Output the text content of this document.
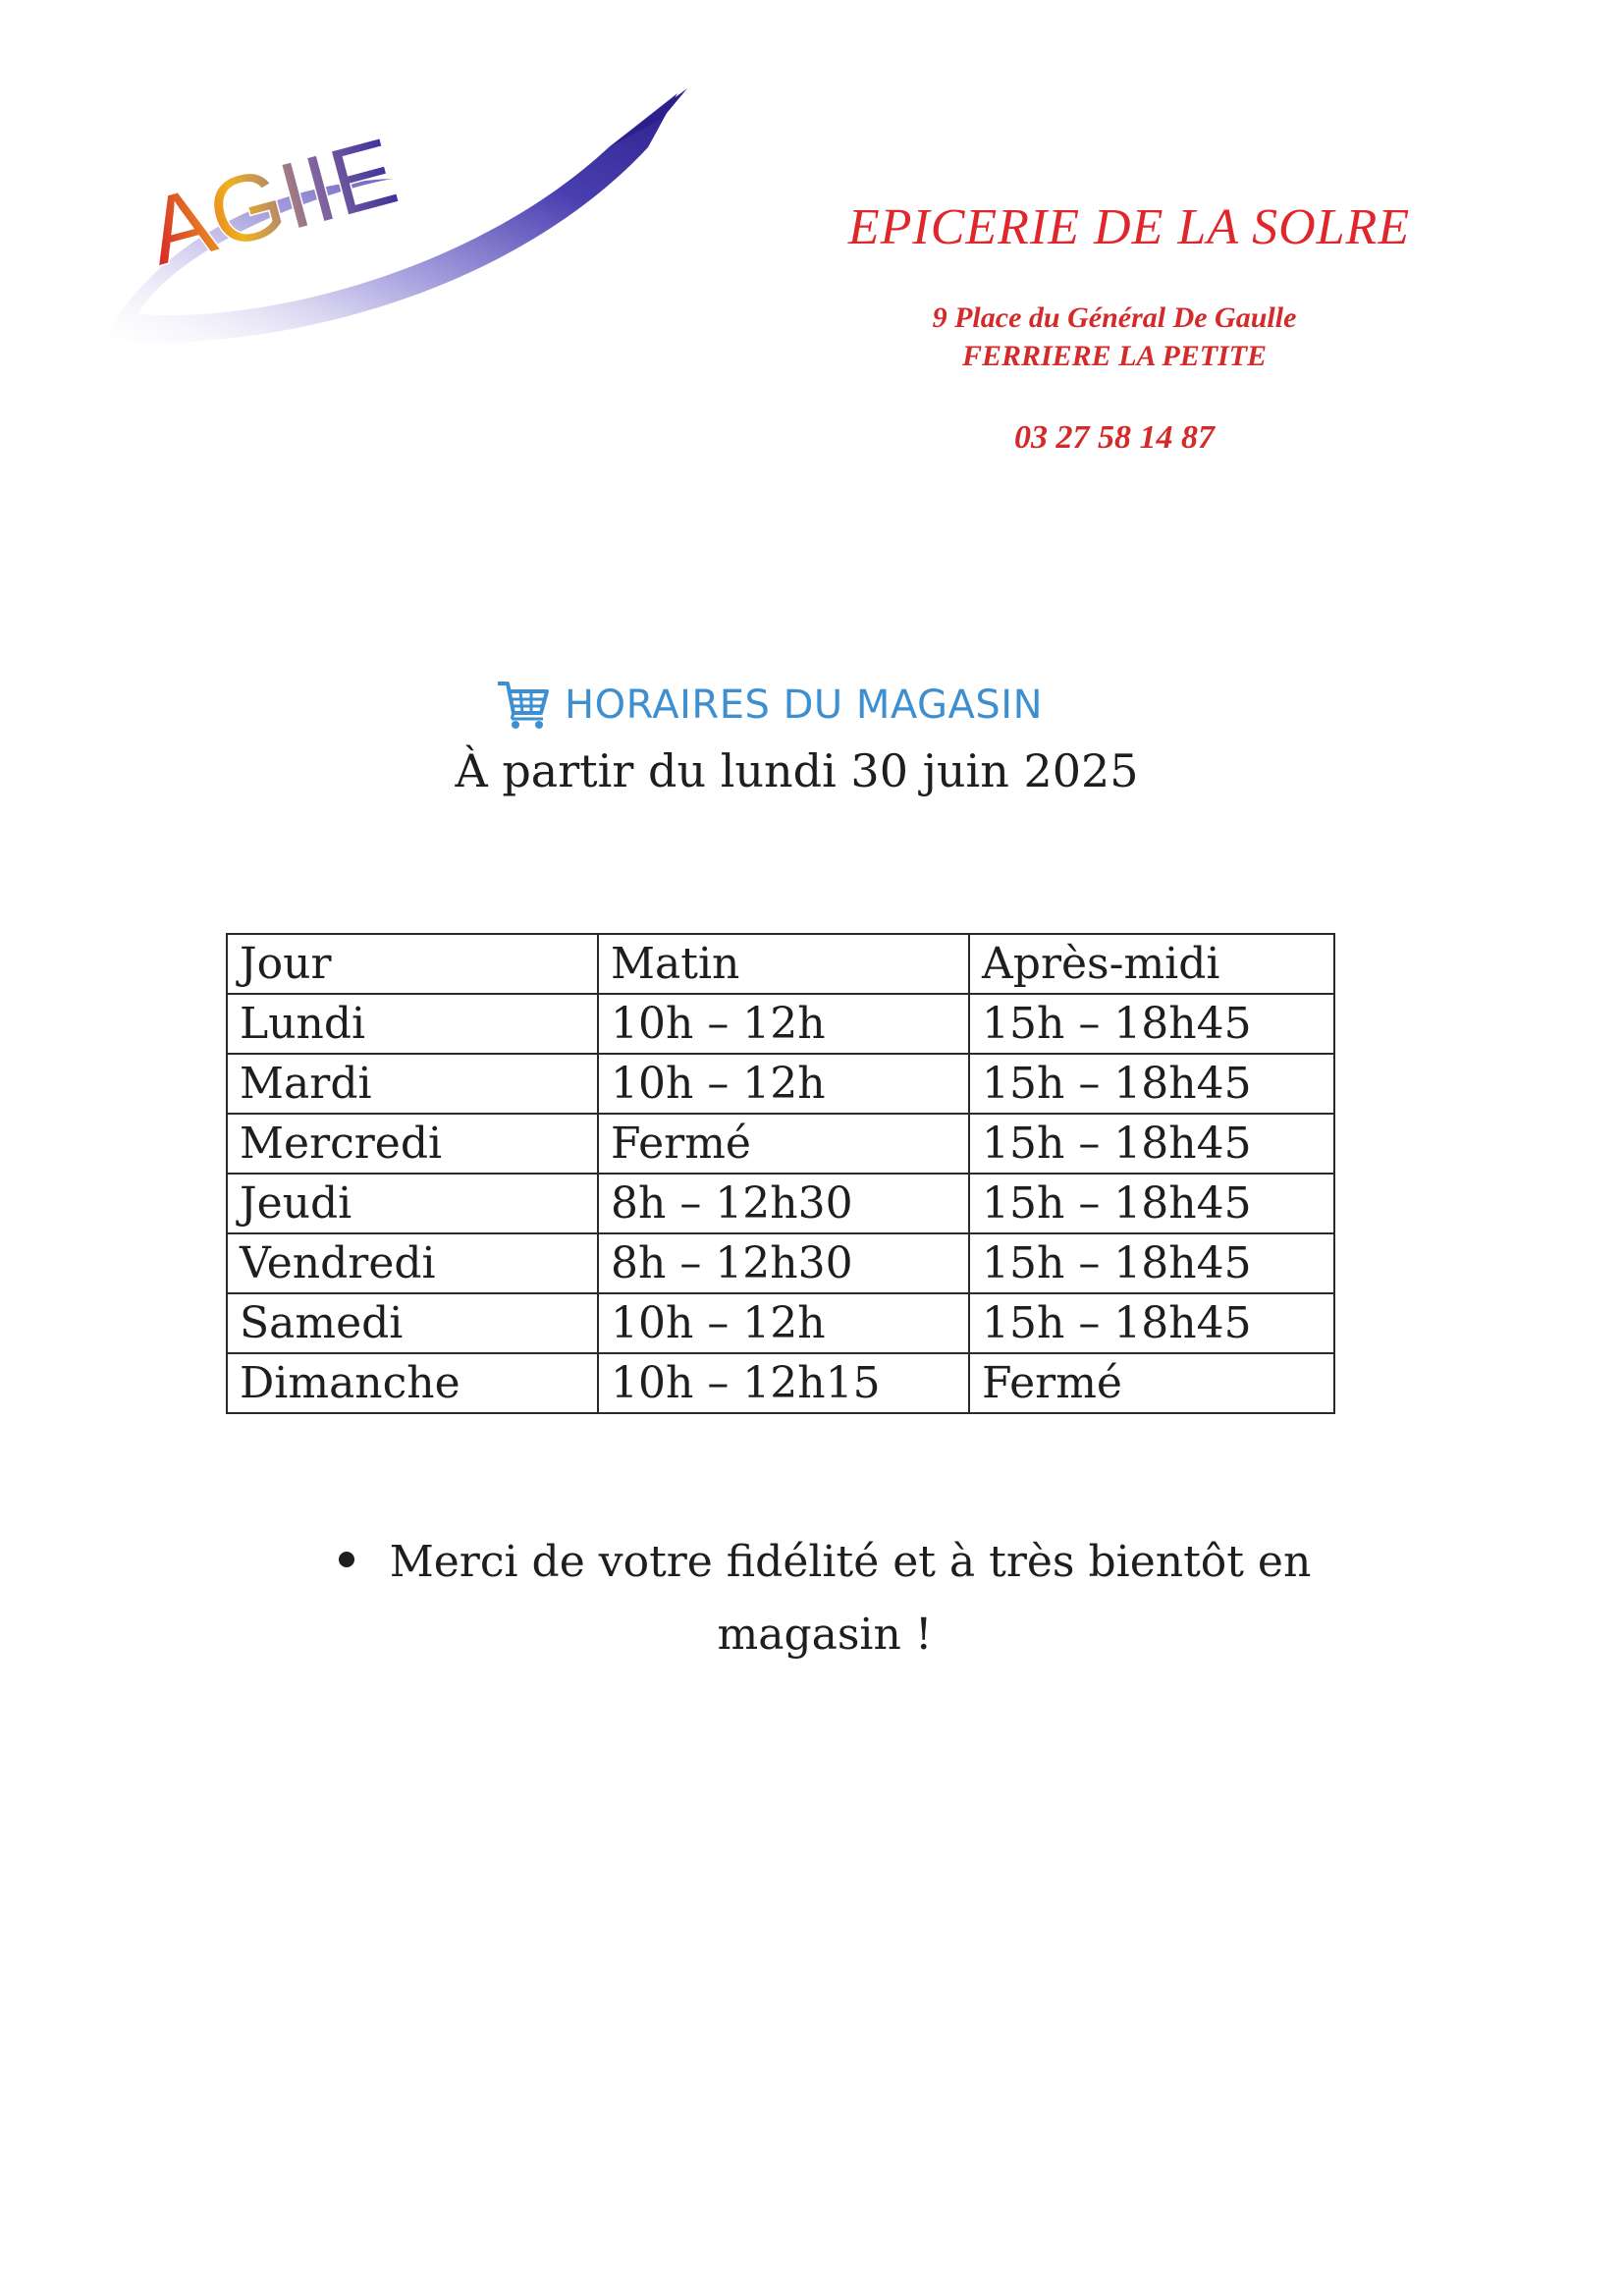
AGIIE	EPICERIE DE LA SOLRE
9 Place du Général De Gaulle
FERRIERE LA PETITE
03 27 58 14 87
HORAIRES DU MAGASIN
À partir du lundi 30 juin 2025
Jour	Matin	Après-midi
Lundi	10h – 12h	15h – 18h45
Mardi	10h – 12h	15h – 18h45
Mercredi	Fermé	15h – 18h45
Jeudi	8h – 12h30	15h – 18h45
Vendredi	8h – 12h30	15h – 18h45
Samedi	10h – 12h	15h – 18h45
Dimanche	10h – 12h15	Fermé
Merci de votre fidélité et à très bientôt en
magasin !
